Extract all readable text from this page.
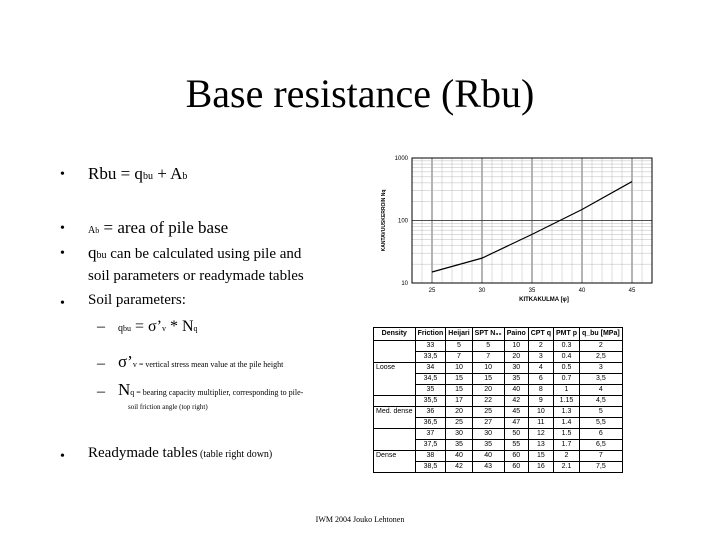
Base resistance (Rbu)
• Rbu = qbu + Ab
• Ab = area of pile base
• qbu can be calculated using pile and
soil parameters or readymade tables
• Soil parameters:
– qbu = σ’v * Nq
– σ’v = vertical stress mean value at the pile height
– Nq = bearing capacity multiplier, corresponding to pile-
soil friction angle (top right)
• Readymade tables (table right down)
1000
100
10
25	30	35	40	45
KITKAKULMA [φ]
KANTAVUUSKERROIN Nq
Density	Friction	Heijari	SPT N₃₀	Paino	CPT q	PMT p	q_bu [MPa]
	33	5	5	10	2	0.3	2
	33,5	7	7	20	3	0.4	2,5
Loose	34	10	10	30	4	0.5	3
	34,5	15	15	35	6	0.7	3,5
	35	15	20	40	8	1	4
	35,5	17	22	42	9	1.15	4,5
Med. dense	36	20	25	45	10	1.3	5
	36,5	25	27	47	11	1.4	5,5
	37	30	30	50	12	1.5	6
	37,5	35	35	55	13	1.7	6,5
Dense	38	40	40	60	15	2	7
	38,5	42	43	60	16	2.1	7,5
IWM 2004 Jouko Lehtonen
